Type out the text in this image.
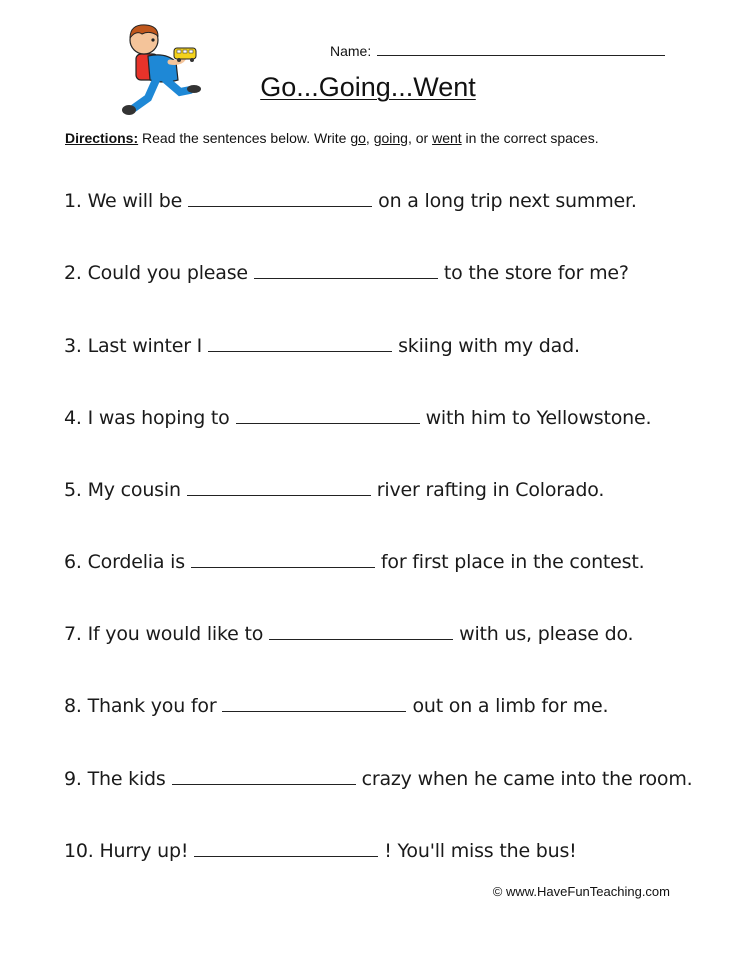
Name:
Go...Going...Went
Directions: Read the sentences below. Write go, going, or went in the correct spaces.
1. We will be	on a long trip next summer.
2. Could you please	to the store for me?
3. Last winter I	skiing with my dad.
4. I was hoping to	with him to Yellowstone.
5. My cousin	river rafting in Colorado.
6. Cordelia is	for first place in the contest.
7. If you would like to	with us, please do.
8. Thank you for	out on a limb for me.
9. The kids	crazy when he came into the room.
10. Hurry up!	! You'll miss the bus!
© www.HaveFunTeaching.com
